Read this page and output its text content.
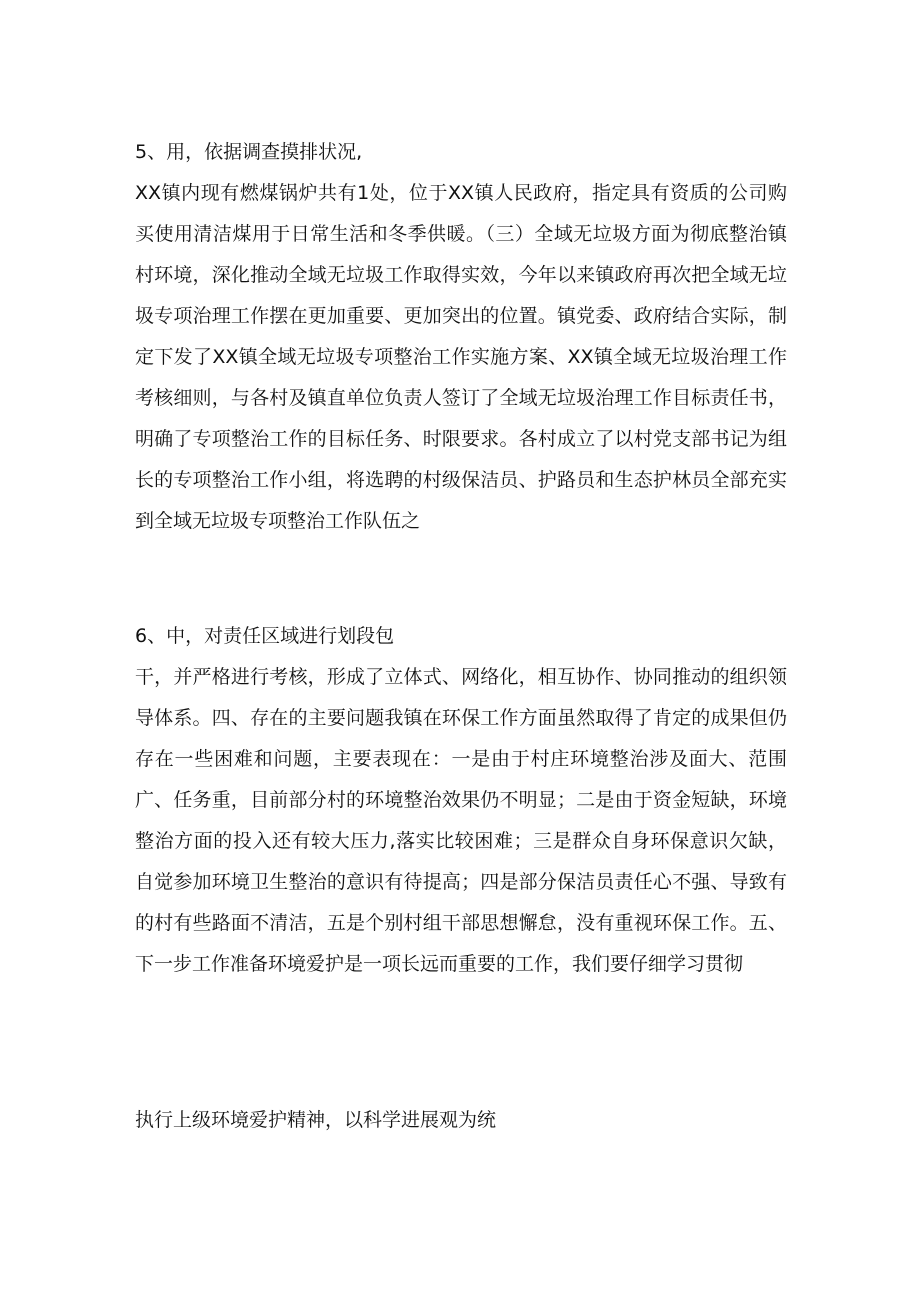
5、用，依据调查摸排状况,
XX镇内现有燃煤锅炉共有1处，位于XX镇人民政府，指定具有资质的公司购买使用清洁煤用于日常生活和冬季供暖。（三）全域无垃圾方面为彻底整治镇村环境，深化推动全域无垃圾工作取得实效，今年以来镇政府再次把全域无垃圾专项治理工作摆在更加重要、更加突出的位置。镇党委、政府结合实际，制定下发了XX镇全域无垃圾专项整治工作实施方案、XX镇全域无垃圾治理工作考核细则，与各村及镇直单位负责人签订了全域无垃圾治理工作目标责任书，明确了专项整治工作的目标任务、时限要求。各村成立了以村党支部书记为组长的专项整治工作小组，将选聘的村级保洁员、护路员和生态护林员全部充实到全域无垃圾专项整治工作队伍之

6、中，对责任区域进行划段包
干，并严格进行考核，形成了立体式、网络化，相互协作、协同推动的组织领导体系。四、存在的主要问题我镇在环保工作方面虽然取得了肯定的成果但仍存在一些困难和问题，主要表现在：一是由于村庄环境整治涉及面大、范围广、任务重，目前部分村的环境整治效果仍不明显；二是由于资金短缺，环境整治方面的投入还有较大压力,落实比较困难；三是群众自身环保意识欠缺，自觉参加环境卫生整治的意识有待提高；四是部分保洁员责任心不强、导致有的村有些路面不清洁，五是个别村组干部思想懈怠，没有重视环保工作。五、下一步工作准备环境爱护是一项长远而重要的工作，我们要仔细学习贯彻

执行上级环境爱护精神，以科学进展观为统
